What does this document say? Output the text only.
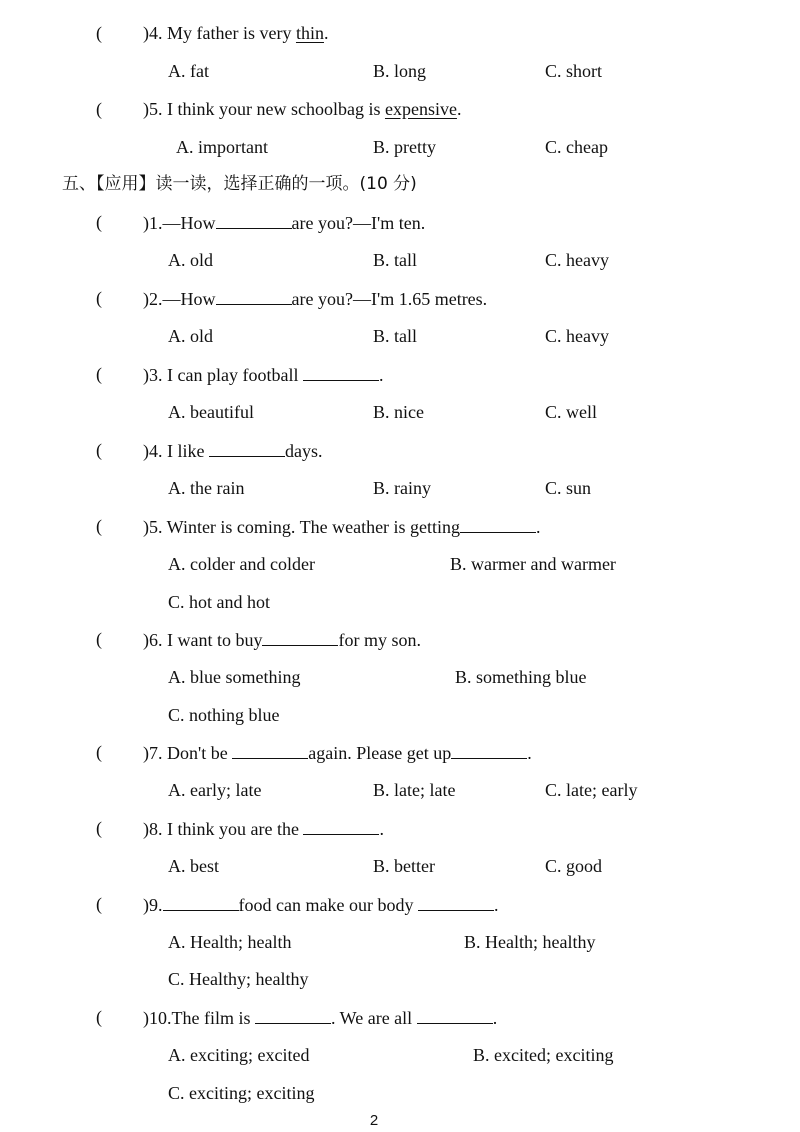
( )4. My father is very thin.
A. fat	B. long	C. short
( )5. I think your new schoolbag is expensive.
A. important	B. pretty	C. cheap
五、【应用】读一读，选择正确的一项。(10 分)
( )1.—How	are you?—I'm ten.
A. old	B. tall	C. heavy
( )2.—How	are you?—I'm 1.65 metres.
A. old	B. tall	C. heavy
( )3. I can play football	.
A. beautiful	B. nice	C. well
( )4. I like	days.
A. the rain	B. rainy	C. sun
( )5. Winter is coming. The weather is getting	.
A. colder and colder	B. warmer and warmer
C. hot and hot
( )6. I want to buy	for my son.
A. blue something	B. something blue
C. nothing blue
( )7. Don't be	again. Please get up	.
A. early; late	B. late; late	C. late; early
( )8. I think you are the	.
A. best	B. better	C. good
( )9.	food can make our body	.
A. Health; health	B. Health; healthy
C. Healthy; healthy
( )10.The film is	. We are all	.
A. exciting; excited	B. excited; exciting
C. exciting; exciting
2
